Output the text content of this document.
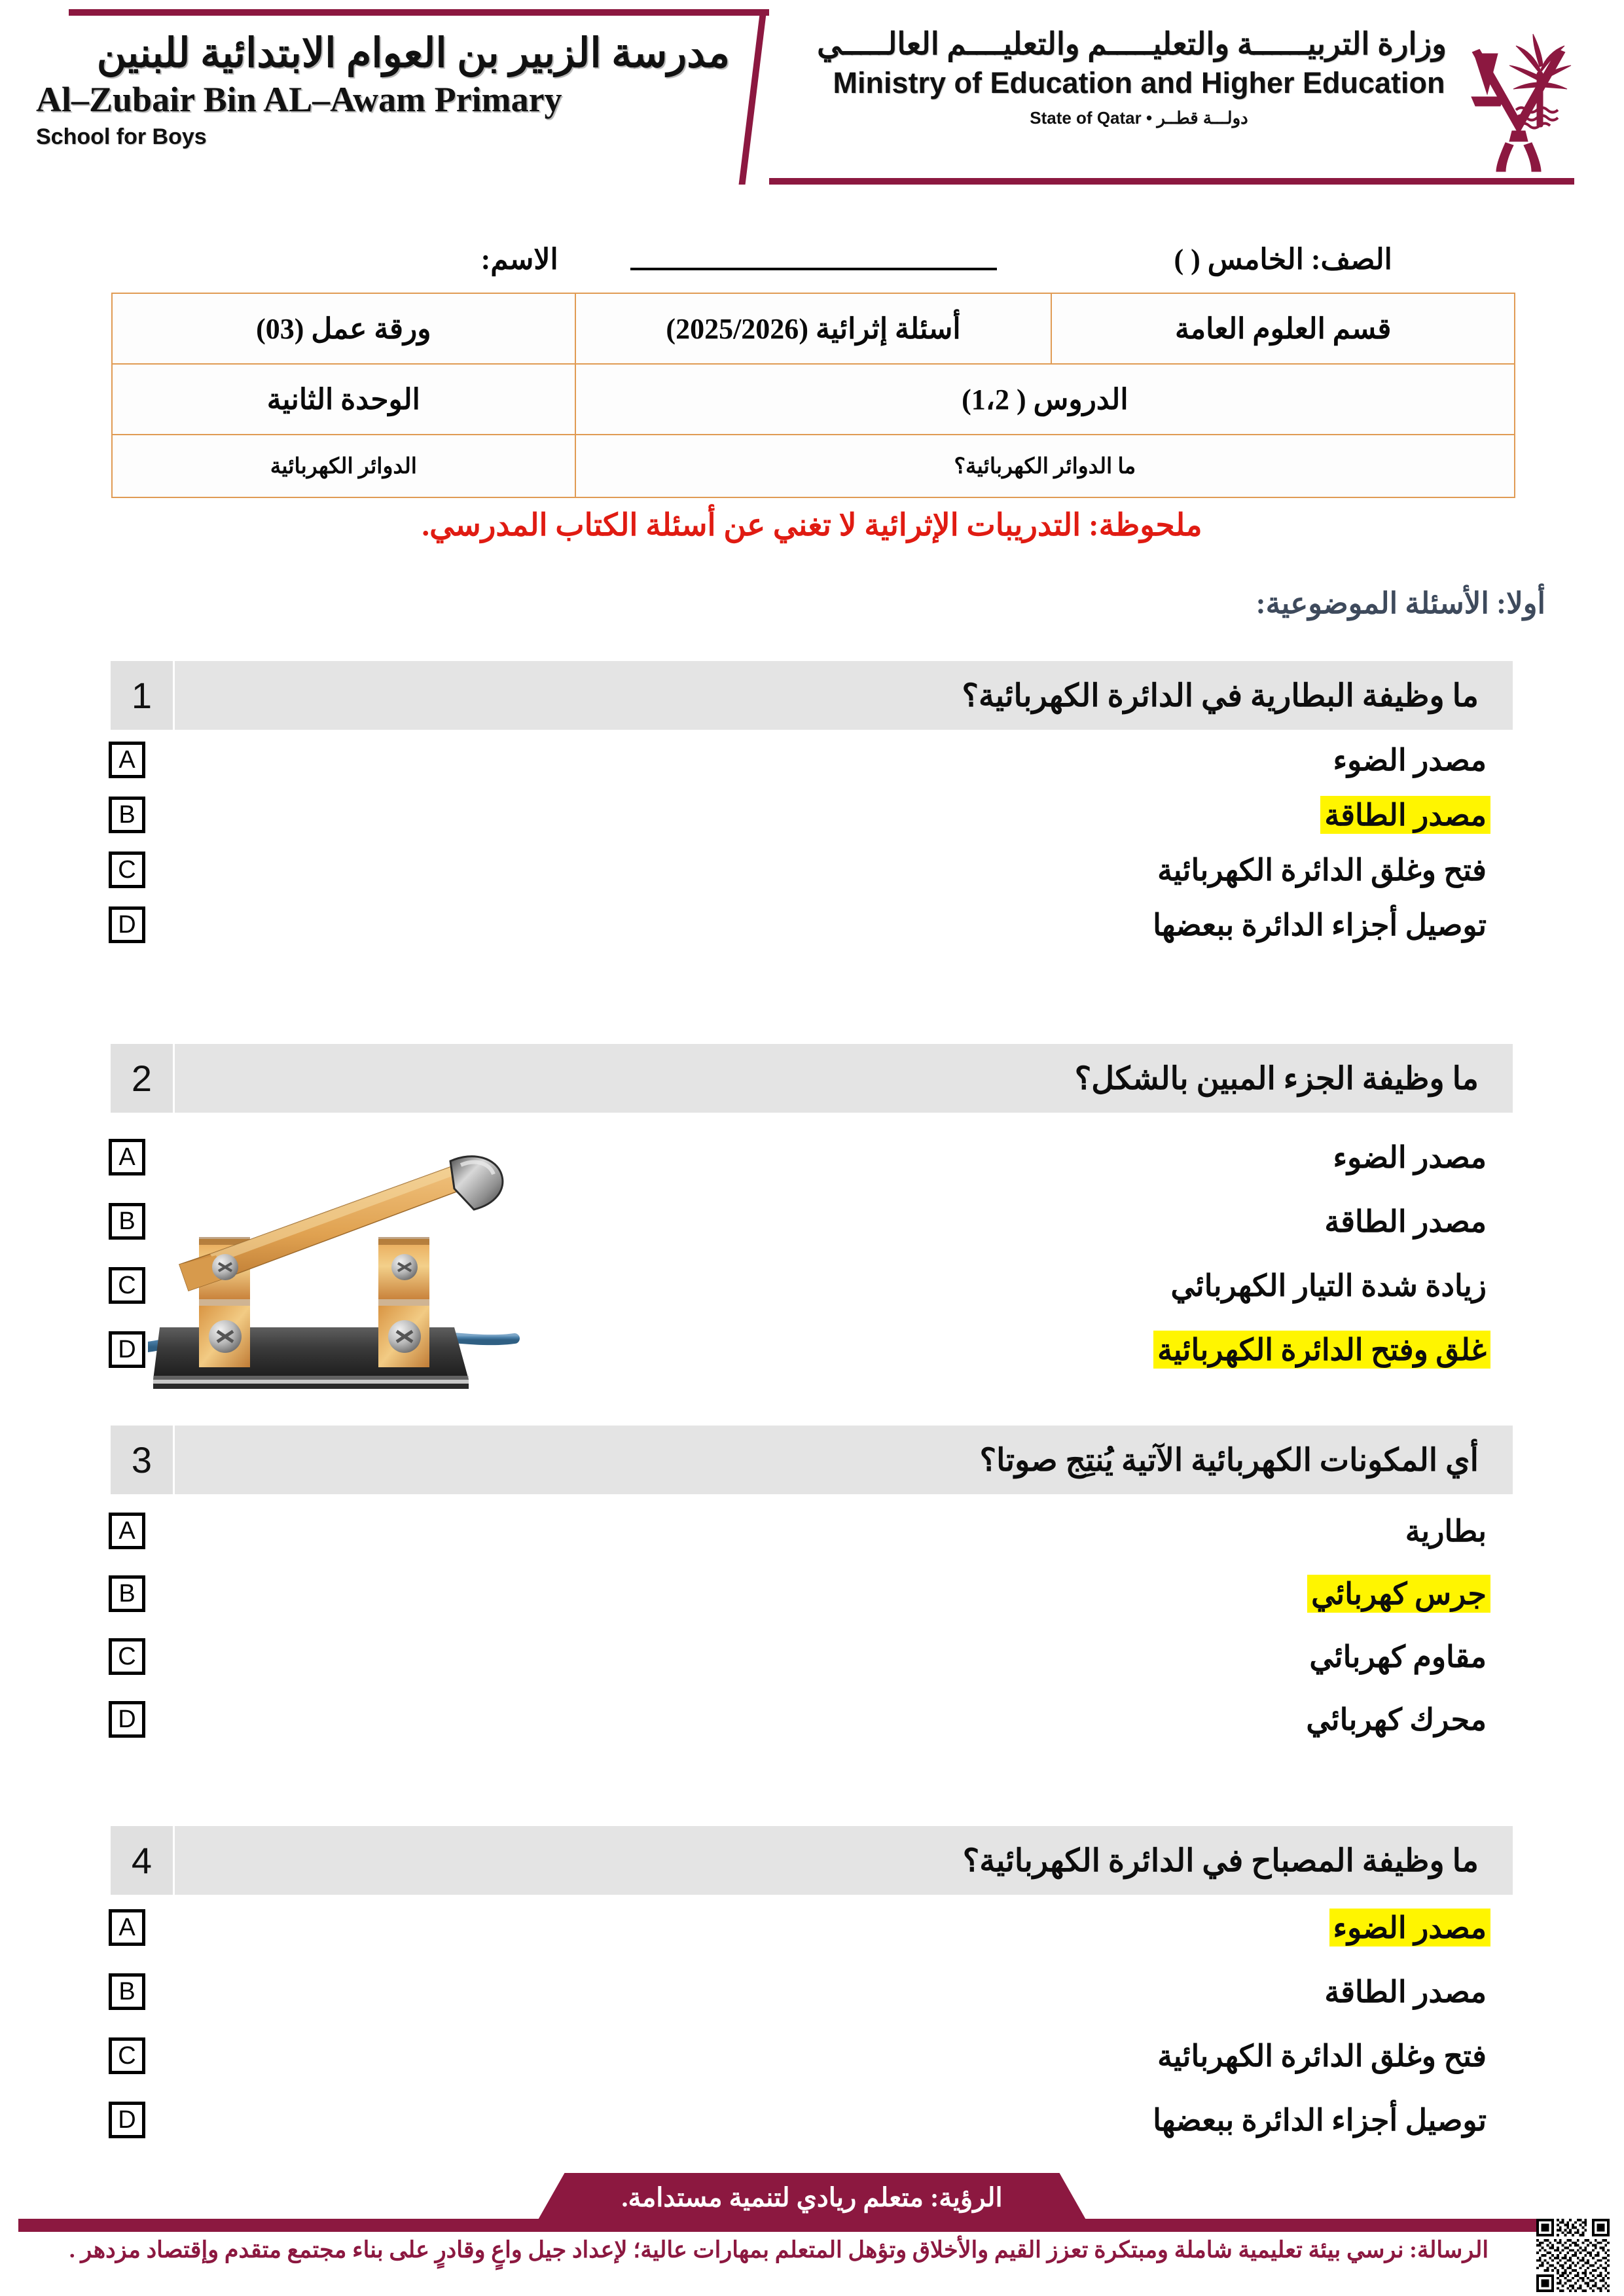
مدرسة الزبير بن العوام الابتدائية للبنين
Al–Zubair Bin AL–Awam Primary
School for Boys
وزارة التربيــــــة والتعليـــــم والتعليــــم العالـــــي
Ministry of Education and Higher Education
دولـــة قطــر • State of Qatar
الصف: الخامس ( )		الاسم:
قسم العلوم العامة	أسئلة إثرائية (2025/2026)	ورقة عمل (03)
الدروس ( 1،2)		الوحدة الثانية
ما الدوائر الكهربائية؟		الدوائر الكهربائية
ملحوظة: التدريبات الإثرائية لا تغني عن أسئلة الكتاب المدرسي.
أولا: الأسئلة الموضوعية:
ما وظيفة البطارية في الدائرة الكهربائية؟
1
مصدر الضوء
A
مصدر الطاقة
B
فتح وغلق الدائرة الكهربائية
C
توصيل أجزاء الدائرة ببعضها
D
ما وظيفة الجزء المبين بالشكل؟
2
مصدر الضوء
A
مصدر الطاقة
B
زيادة شدة التيار الكهربائي
C
غلق وفتح الدائرة الكهربائية
D
أي المكونات الكهربائية الآتية يُنتِج صوتا؟
3
بطارية
A
جرس كهربائي
B
مقاوم كهربائي
C
محرك كهربائي
D
ما وظيفة المصباح في الدائرة الكهربائية؟
4
مصدر الضوء
A
مصدر الطاقة
B
فتح وغلق الدائرة الكهربائية
C
توصيل أجزاء الدائرة ببعضها
D
الرؤية: متعلم ريادي لتنمية مستدامة.
الرسالة: نرسي بيئة تعليمية شاملة ومبتكرة تعزز القيم والأخلاق وتؤهل المتعلم بمهارات عالية؛ لإعداد جيل واعٍ وقادرٍ على بناء مجتمع متقدم وإقتصاد مزدهر .
